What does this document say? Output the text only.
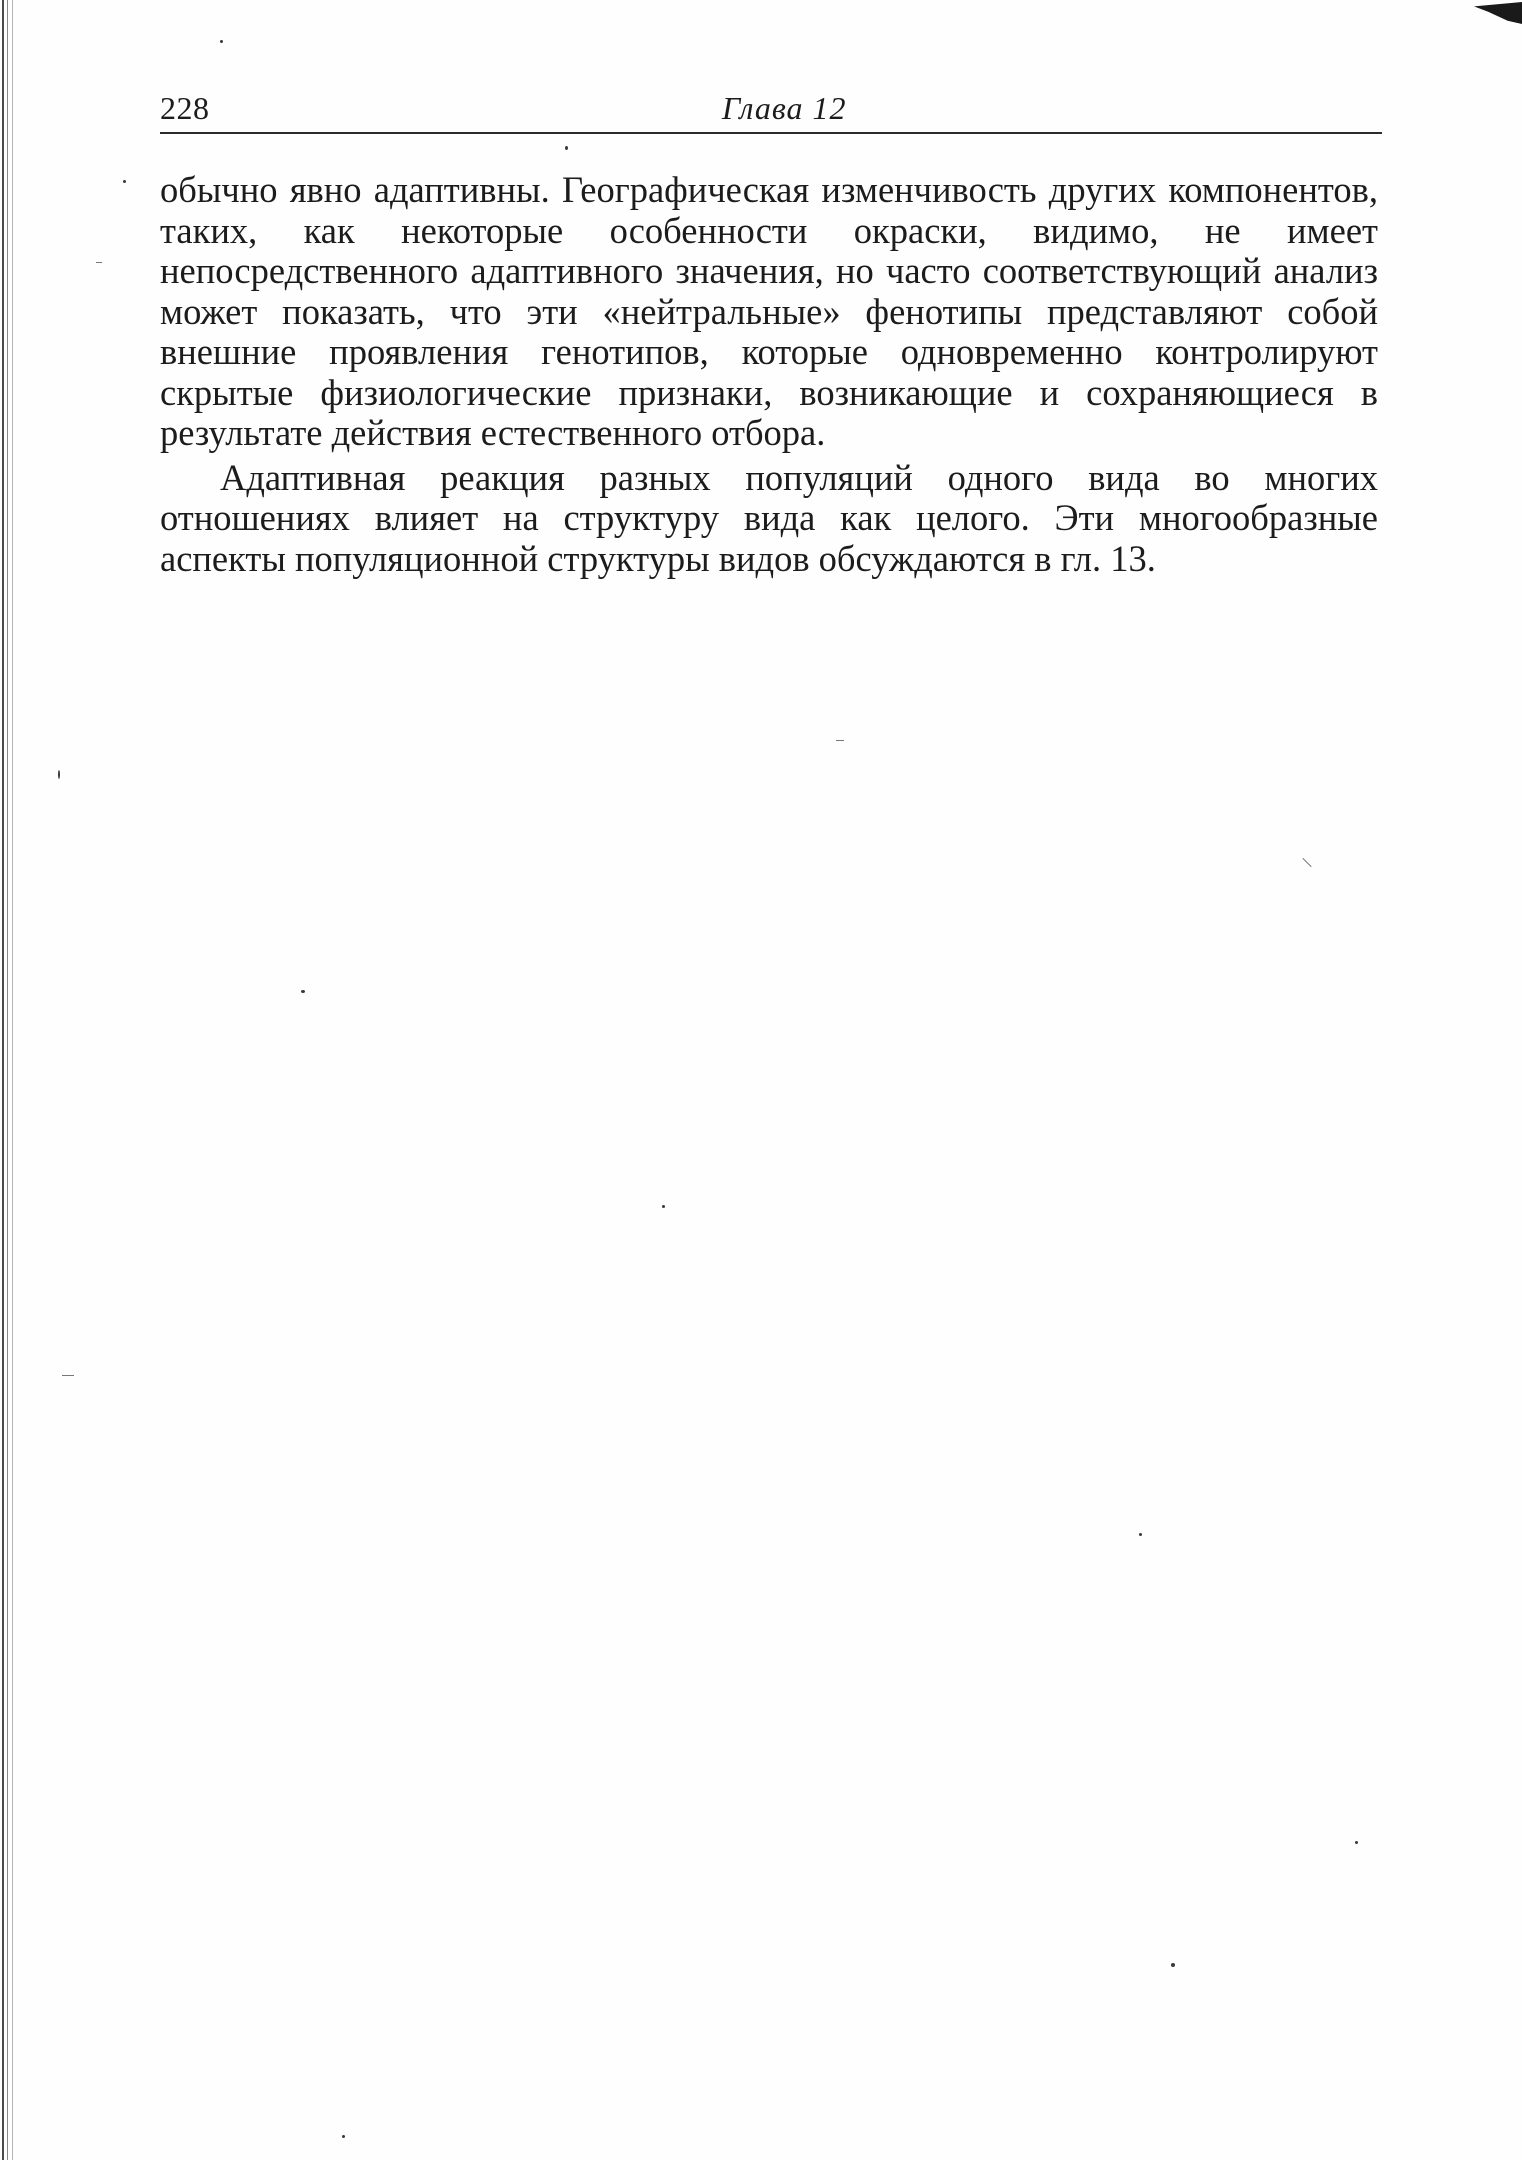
228	Глава 12

обычно явно адаптивны. Географическая изменчивость других компонентов, таких, как некоторые особенности окраски, видимо, не имеет непосредственного адаптивного значения, но часто соответствующий анализ может показать, что эти «нейтральные» фенотипы представляют собой внешние проявления генотипов, которые одновременно контролируют скрытые физиологические признаки, возникающие и сохраняющиеся в результате действия естественного отбора.

Адаптивная реакция разных популяций одного вида во многих отношениях влияет на структуру вида как целого. Эти многообразные аспекты популяционной структуры видов обсуждаются в гл. 13.
